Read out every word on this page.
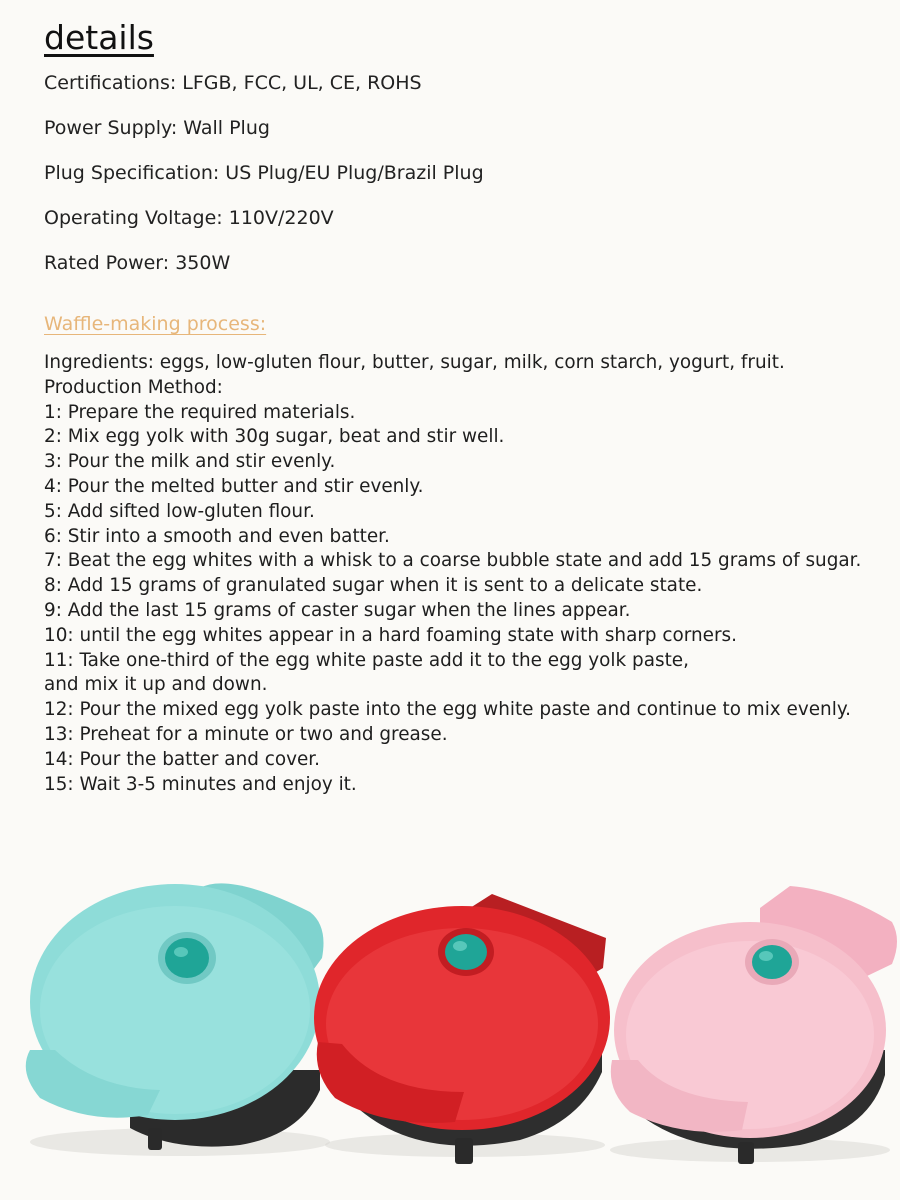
details
Certifications: LFGB, FCC, UL, CE, ROHS
Power Supply: Wall Plug
Plug Specification: US Plug/EU Plug/Brazil Plug
Operating Voltage: 110V/220V
Rated Power: 350W
Waffle-making process:
Ingredients: eggs, low-gluten flour, butter, sugar, milk, corn starch, yogurt, fruit.
Production Method:
1: Prepare the required materials.
2: Mix egg yolk with 30g sugar, beat and stir well.
3: Pour the milk and stir evenly.
4: Pour the melted butter and stir evenly.
5: Add sifted low-gluten flour.
6: Stir into a smooth and even batter.
7: Beat the egg whites with a whisk to a coarse bubble state and add 15 grams of sugar.
8: Add 15 grams of granulated sugar when it is sent to a delicate state.
9: Add the last 15 grams of caster sugar when the lines appear.
10: until the egg whites appear in a hard foaming state with sharp corners.
11: Take one-third of the egg white paste add it to the egg yolk paste,
and mix it up and down.
12: Pour the mixed egg yolk paste into the egg white paste and continue to mix evenly.
13: Preheat for a minute or two and grease.
14: Pour the batter and cover.
15: Wait 3-5 minutes and enjoy it.
